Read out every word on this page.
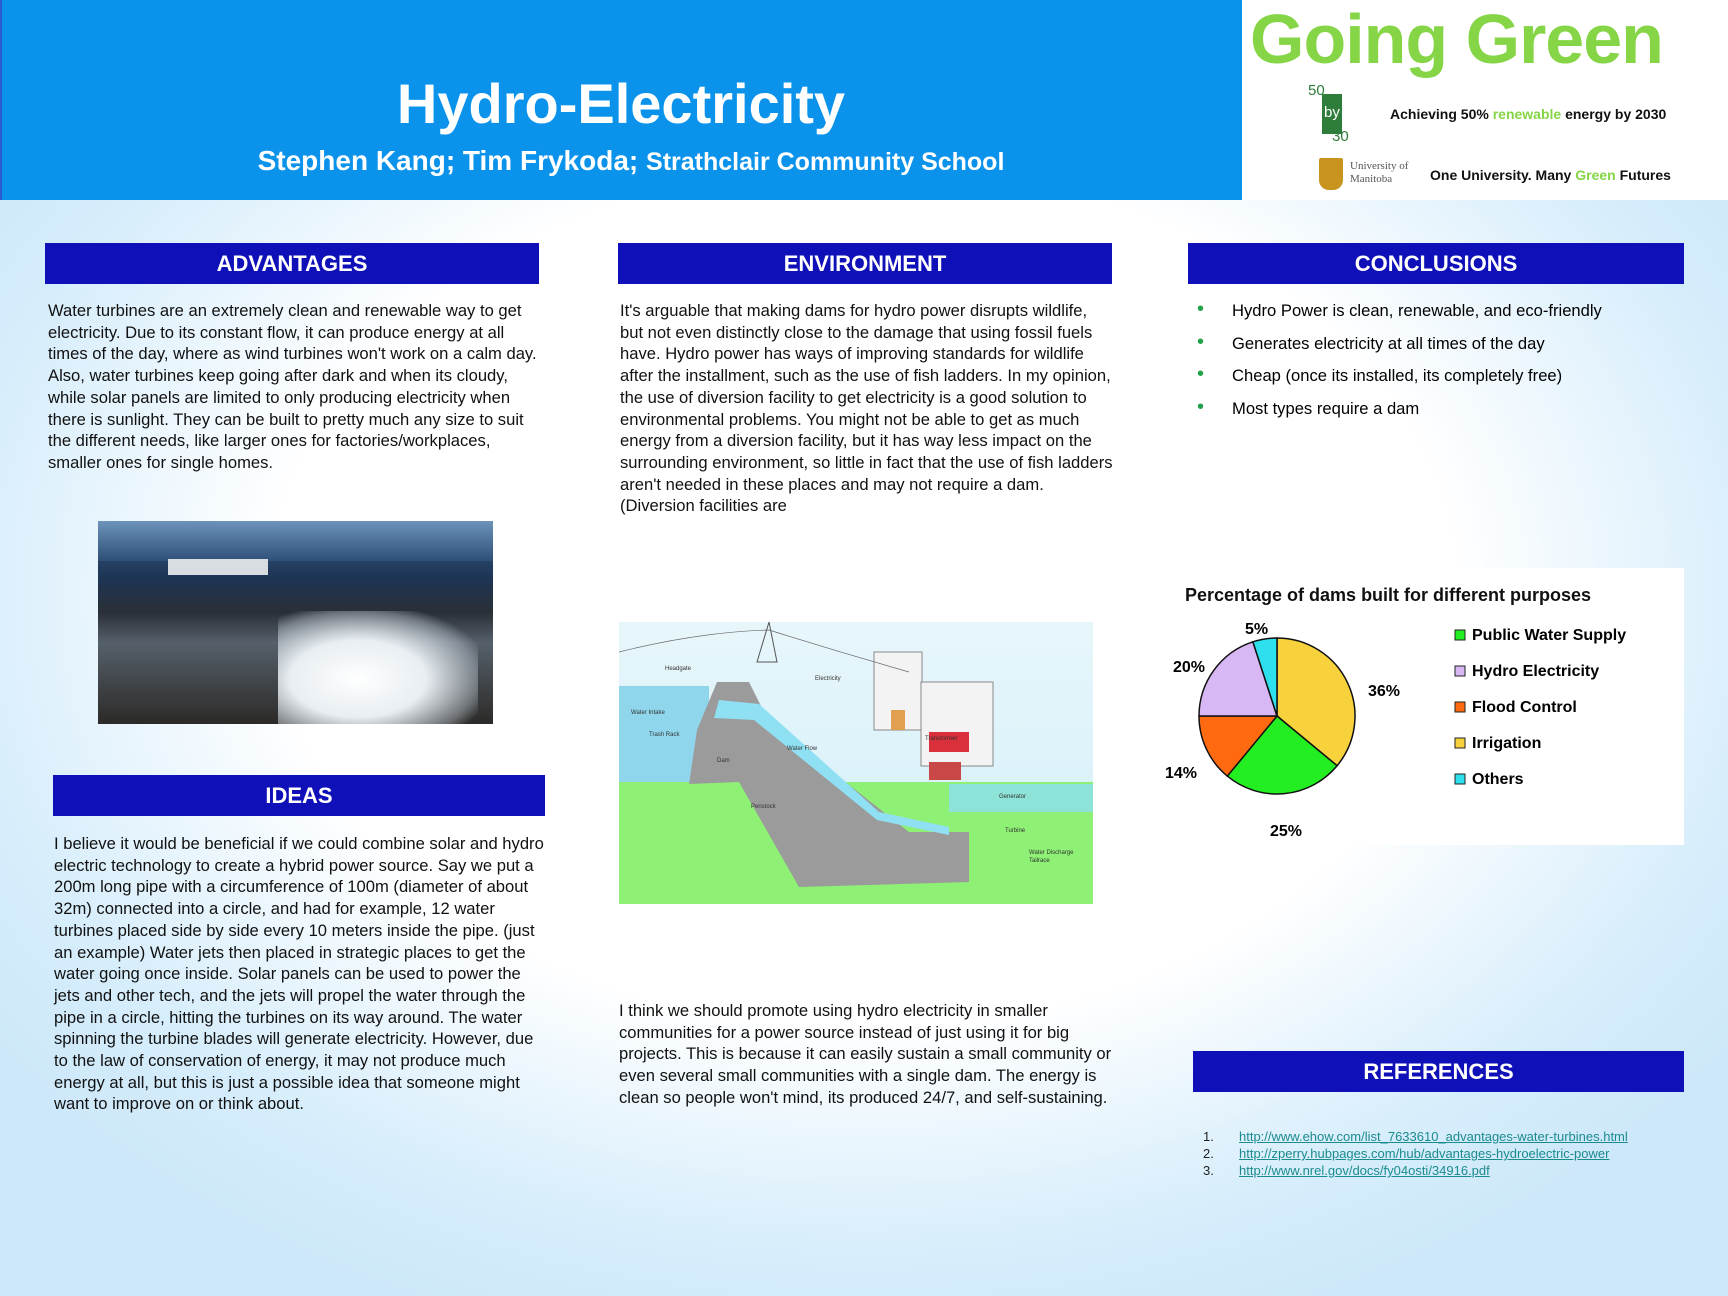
Hydro-Electricity
Stephen Kang; Tim Frykoda; Strathclair Community School
Going Green
50
by
30
Achieving 50% renewable energy by 2030
University of Manitoba	One University. Many Green Futures
ADVANTAGES
Water turbines are an extremely clean and renewable way to get electricity. Due to its constant flow, it can produce energy at all times of the day, where as wind turbines won't work on a calm day. Also, water turbines keep going after dark and when its cloudy, while solar panels are limited to only producing electricity when there is sunlight. They can be built to pretty much any size to suit the different needs, like larger ones for factories/workplaces, smaller ones for single homes.
IDEAS
I believe it would be beneficial if we could combine solar and hydro electric technology to create a hybrid power source. Say we put a 200m long pipe with a circumference of 100m (diameter of about 32m) connected into a circle, and had for example, 12 water turbines placed side by side every 10 meters inside the pipe. (just an example) Water jets then placed in strategic places to get the water going once inside. Solar panels can be used to power the jets and other tech, and the jets will propel the water through the pipe in a circle, hitting the turbines on its way around. The water spinning the turbine blades will generate electricity. However, due to the law of conservation of energy, it may not produce much energy at all, but this is just a possible idea that someone might want to improve on or think about.
ENVIRONMENT
It's arguable that making dams for hydro power disrupts wildlife, but not even distinctly close to the damage that using fossil fuels have. Hydro power has ways of improving standards for wildlife after the installment, such as the use of fish ladders. In my opinion, the use of diversion facility to get electricity is a good solution to environmental problems. You might not be able to get as much energy from a diversion facility, but it has way less impact on the surrounding environment, so little in fact that the use of fish ladders aren't needed in these places and may not require a dam. (Diversion facilities are
Headgate
Electricity
Water Intake
Trash Rack
Dam
Water Flow
Penstock
Transformer
Generator
Turbine
Water Discharge Tailrace
I think we should promote using hydro electricity in smaller communities for a power source instead of just using it for big projects. This is because it can easily sustain a small community or even several small communities with a single dam. The energy is clean so people won't mind, its produced 24/7, and self-sustaining.
CONCLUSIONS
• Hydro Power is clean, renewable, and eco-friendly
• Generates electricity at all times of the day
• Cheap (once its installed, its completely free)
• Most types require a dam
Percentage of dams built for different purposes
36%
25%
14%
20%
5%	Public Water Supply
Hydro Electricity
Flood Control
Irrigation
Others
REFERENCES
1. http://www.ehow.com/list_7633610_advantages-water-turbines.html
2. http://zperry.hubpages.com/hub/advantages-hydroelectric-power
3. http://www.nrel.gov/docs/fy04osti/34916.pdf
